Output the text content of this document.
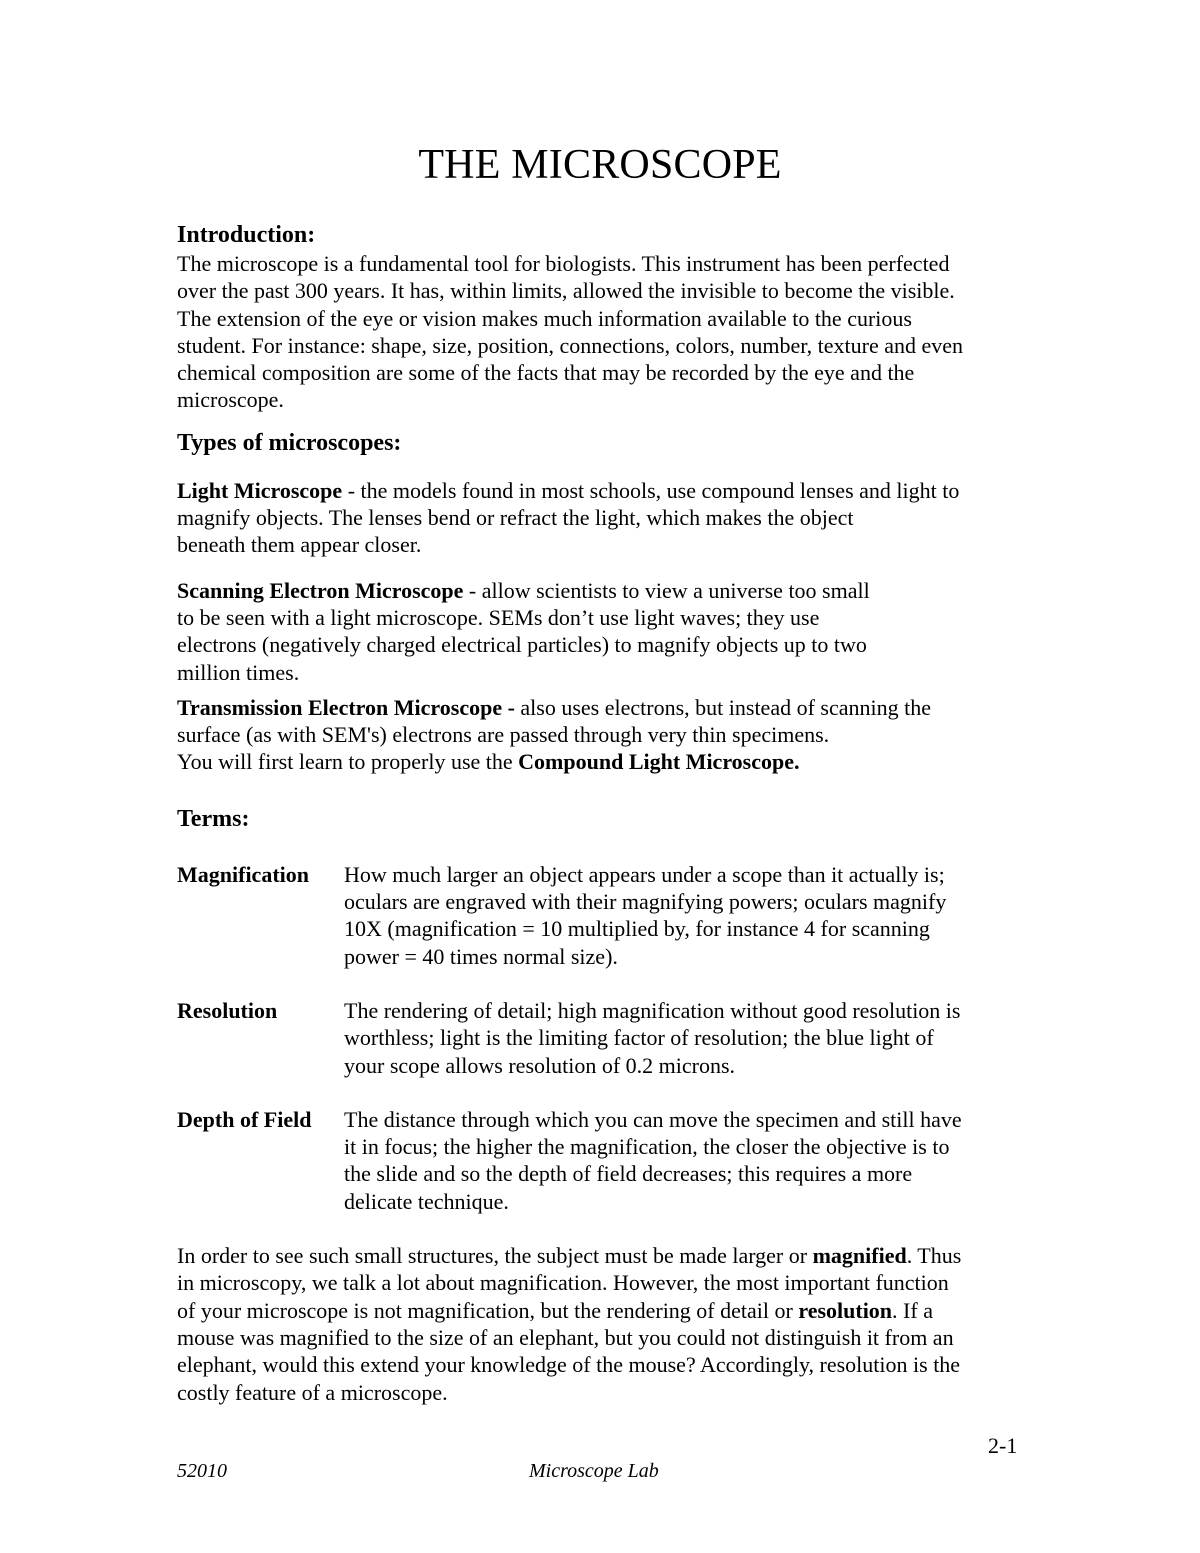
THE MICROSCOPE
Introduction:

The microscope is a fundamental tool for biologists. This instrument has been perfected

over the past 300 years. It has, within limits, allowed the invisible to become the visible.

The extension of the eye or vision makes much information available to the curious

student. For instance: shape, size, position, connections, colors, number, texture and even

chemical composition are some of the facts that may be recorded by the eye and the

microscope.

Types of microscopes:

Light Microscope - the models found in most schools, use compound lenses and light to

magnify objects. The lenses bend or refract the light, which makes the object

beneath them appear closer.

Scanning Electron Microscope - allow scientists to view a universe too small

to be seen with a light microscope. SEMs don’t use light waves; they use

electrons (negatively charged electrical particles) to magnify objects up to two

million times.

Transmission Electron Microscope - also uses electrons, but instead of scanning the

surface (as with SEM's) electrons are passed through very thin specimens.

You will first learn to properly use the Compound Light Microscope.

Terms:
Magnification	How much larger an object appears under a scope than it actually is;

oculars are engraved with their magnifying powers; oculars magnify

10X (magnification = 10 multiplied by, for instance 4 for scanning

power = 40 times normal size).

Resolution	The rendering of detail; high magnification without good resolution is

worthless; light is the limiting factor of resolution; the blue light of

your scope allows resolution of 0.2 microns.

Depth of Field	The distance through which you can move the specimen and still have

it in focus; the higher the magnification, the closer the objective is to

the slide and so the depth of field decreases; this requires a more

delicate technique.

In order to see such small structures, the subject must be made larger or magnified. Thus

in microscopy, we talk a lot about magnification. However, the most important function

of your microscope is not magnification, but the rendering of detail or resolution. If a

mouse was magnified to the size of an elephant, but you could not distinguish it from an

elephant, would this extend your knowledge of the mouse? Accordingly, resolution is the

costly feature of a microscope.

2-1
52010	Microscope Lab
